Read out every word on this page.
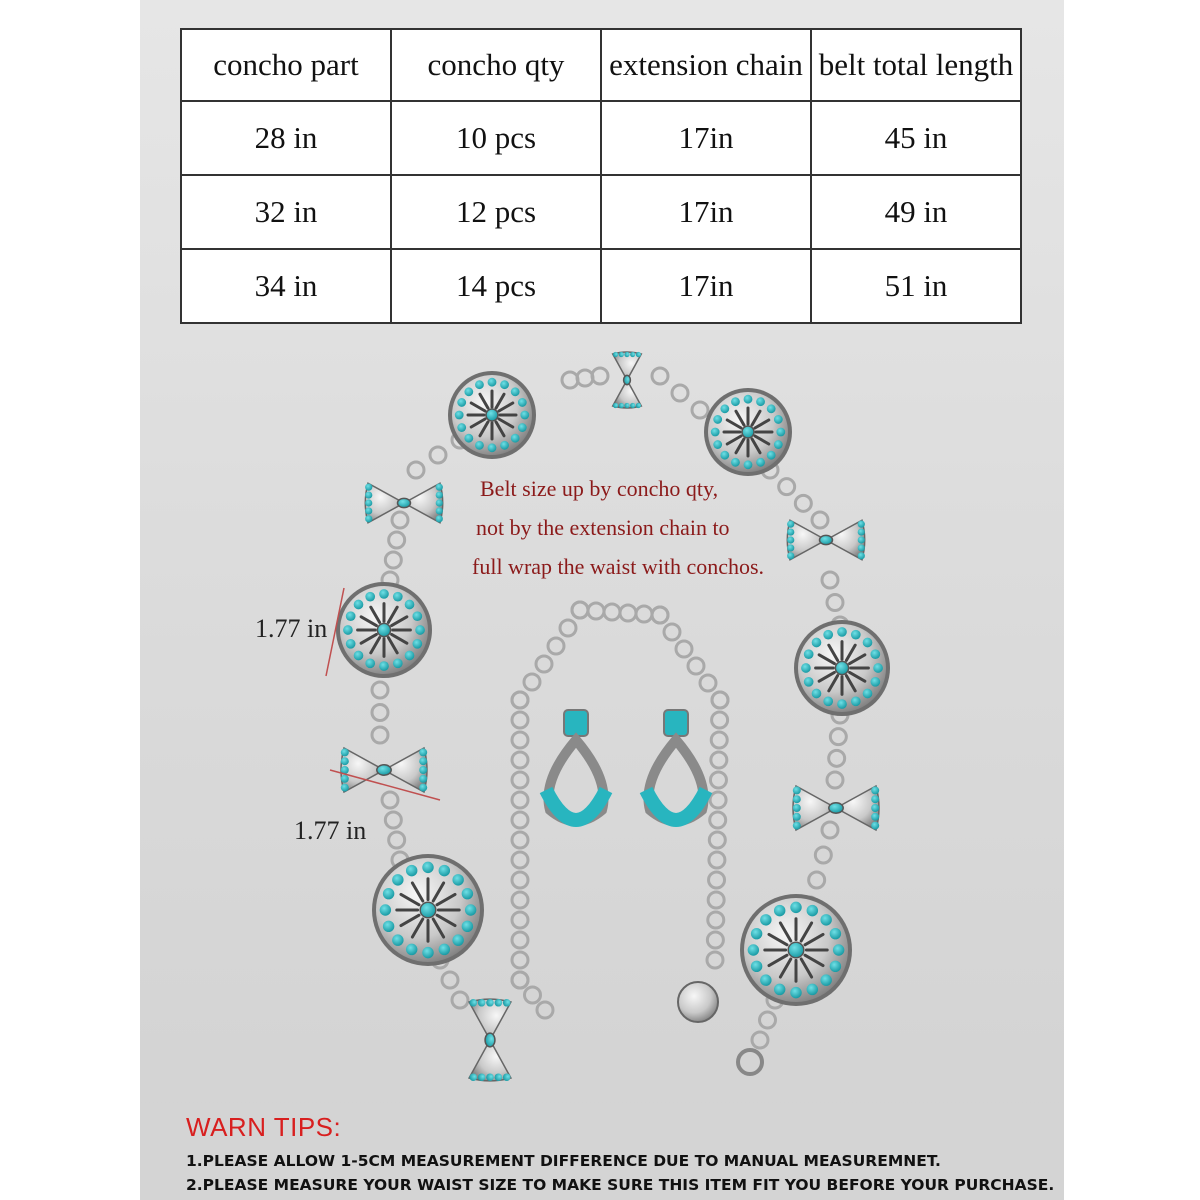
concho part	concho qty	extension chain	belt total length
28 in	10 pcs	17in	45 in
32 in	12 pcs	17in	49 in
34 in	14 pcs	17in	51 in
Belt size up by concho qty,
not by the extension chain to
full wrap the waist with conchos.
1.77 in
1.77 in
WARN TIPS:
1.PLEASE ALLOW 1-5CM MEASUREMENT DIFFERENCE DUE TO MANUAL MEASUREMNET.
2.PLEASE MEASURE YOUR WAIST SIZE TO MAKE SURE THIS ITEM FIT YOU BEFORE YOUR PURCHASE.
